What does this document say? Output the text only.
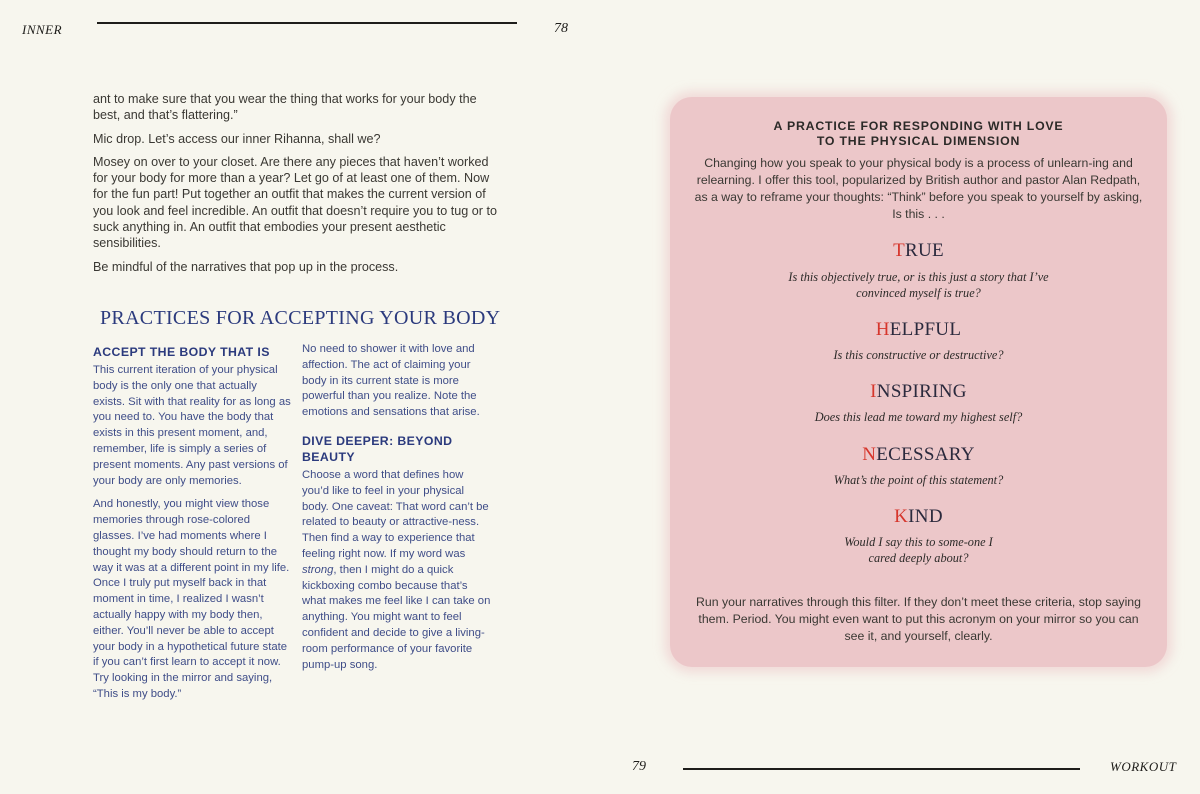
INNER	78

ant to make sure that you wear the thing that works for your body the best, and that’s flattering.”

Mic drop. Let’s access our inner Rihanna, shall we?

Mosey on over to your closet. Are there any pieces that haven’t worked for your body for more than a year? Let go of at least one of them. Now for the fun part! Put together an outfit that makes the current version of you look and feel incredible. An outfit that doesn’t require you to tug or to suck anything in. An outfit that embodies your present aesthetic sensibilities.

Be mindful of the narratives that pop up in the process.

PRACTICES FOR ACCEPTING YOUR BODY
ACCEPT THE BODY THAT IS

This current iteration of your physical body is the only one that actually exists. Sit with that reality for as long as you need to. You have the body that exists in this present moment, and, remember, life is simply a series of present moments. Any past versions of your body are only memories.

And honestly, you might view those memories through rose-colored glasses. I’ve had moments where I thought my body should return to the way it was at a different point in my life. Once I truly put myself back in that moment in time, I realized I wasn’t actually happy with my body then, either. You’ll never be able to accept your body in a hypothetical future state if you can’t first learn to accept it now. Try looking in the mirror and saying, “This is my body.”

No need to shower it with love and affection. The act of claiming your body in its current state is more powerful than you realize. Note the emotions and sensations that arise.

DIVE DEEPER: BEYOND BEAUTY

Choose a word that defines how you’d like to feel in your physical body. One caveat: That word can’t be related to beauty or attractive-ness. Then find a way to experience that feeling right now. If my word was strong, then I might do a quick kickboxing combo because that’s what makes me feel like I can take on anything. You might want to feel confident and decide to give a living-room performance of your favorite pump-up song.

A PRACTICE FOR RESPONDING WITH LOVE
TO THE PHYSICAL DIMENSION
Changing how you speak to your physical body is a process of unlearn-ing and relearning. I offer this tool, popularized by British author and pastor Alan Redpath, as a way to reframe your thoughts: “Think” before you speak to yourself by asking, Is this . . .
TRUE
Is this objectively true, or is this just a story that I’ve convinced myself is true?
HELPFUL
Is this constructive or destructive?
INSPIRING
Does this lead me toward my highest self?
NECESSARY
What’s the point of this statement?
KIND
Would I say this to some-one I cared deeply about?
Run your narratives through this filter. If they don’t meet these criteria, stop saying them. Period. You might even want to put this acronym on your mirror so you can see it, and yourself, clearly.
79	WORKOUT
